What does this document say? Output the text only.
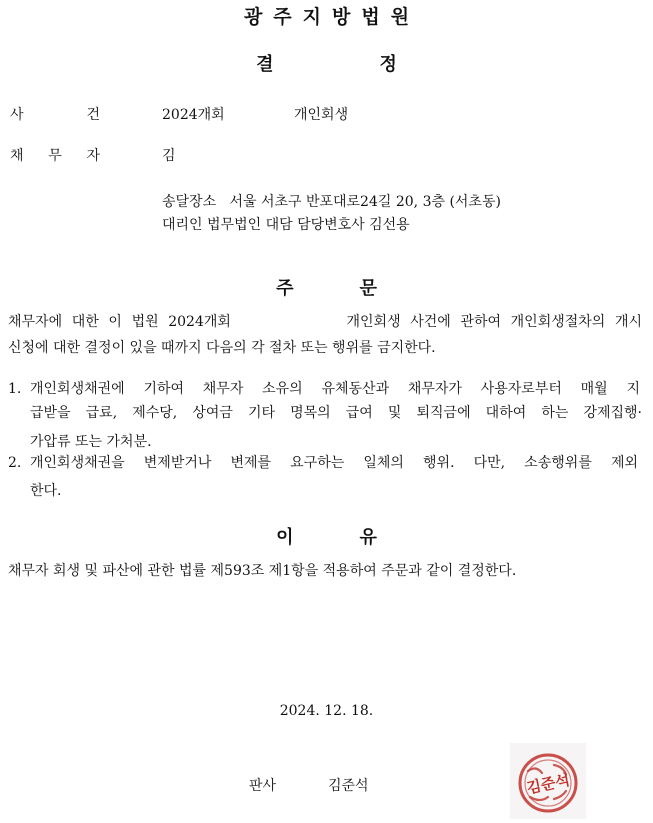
광주지방법원
결	정
사	건	2024개회	개인회생
채 무 자	김
송달장소   서울 서초구 반포대로24길 20, 3층 (서초동)
대리인 법무법인 대담 담당변호사 김선용
주	문
채무자에 대한 이 법원 2024개회            개인회생 사건에 관하여 개인회생절차의 개시
신청에 대한 결정이 있을 때까지 다음의 각 절차 또는 행위를 금지한다.
1. 개인회생채권에 기하여 채무자 소유의 유체동산과 채무자가 사용자로부터 매월 지
급받을 급료, 제수당, 상여금 기타 명목의 급여 및 퇴직금에 대하여 하는 강제집행·
가압류 또는 가처분.
2. 개인회생채권을 변제받거나 변제를 요구하는 일체의 행위. 다만, 소송행위를 제외
한다.
이	유
채무자 회생 및 파산에 관한 법률 제593조 제1항을 적용하여 주문과 같이 결정한다.
2024. 12. 18.
판사	김준석	김준석
